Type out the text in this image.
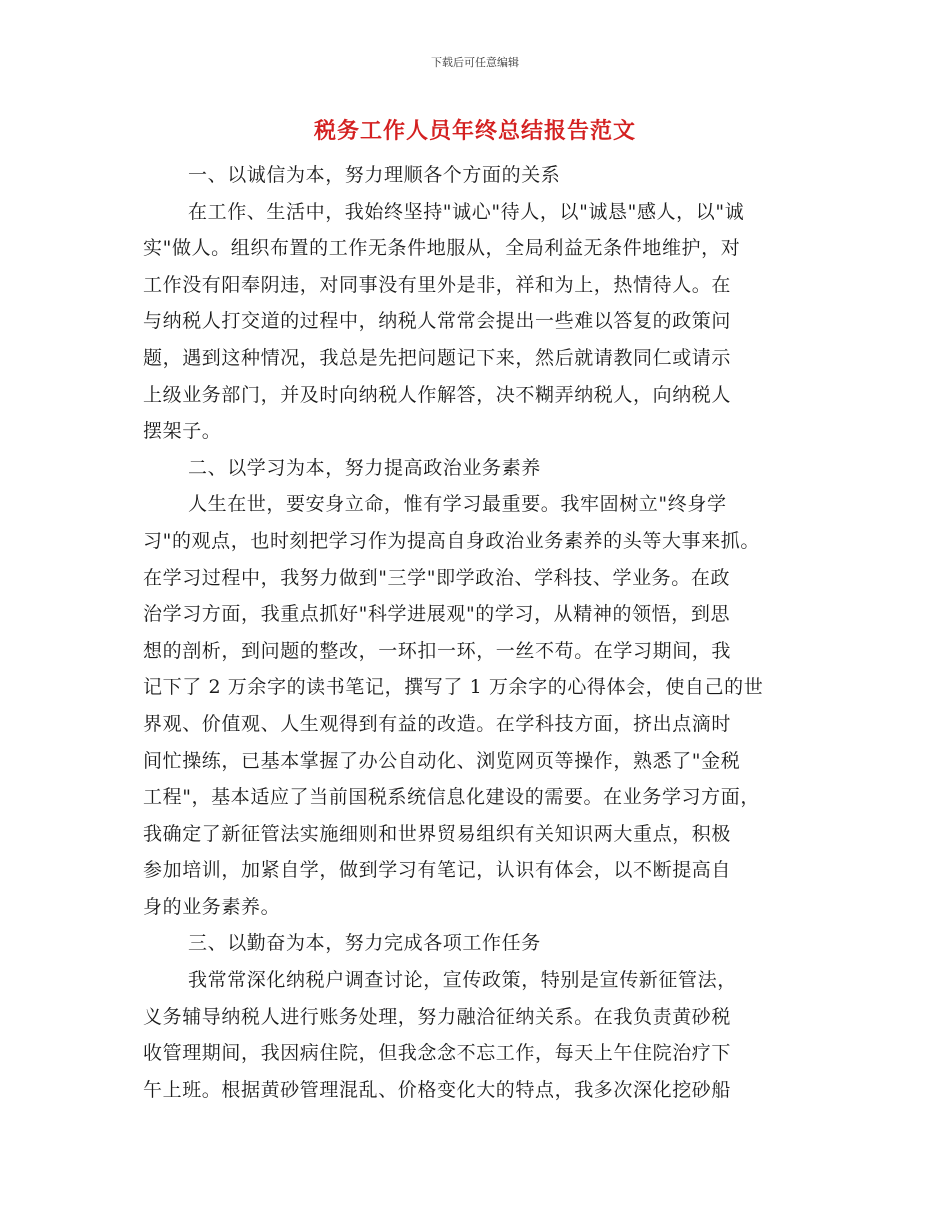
下载后可任意编辑
税务工作人员年终总结报告范文
一、以诚信为本，努力理顺各个方面的关系
在工作、生活中，我始终坚持"诚心"待人，以"诚恳"感人，以"诚
实"做人。组织布置的工作无条件地服从，全局利益无条件地维护，对
工作没有阳奉阴违，对同事没有里外是非，祥和为上，热情待人。在
与纳税人打交道的过程中，纳税人常常会提出一些难以答复的政策问
题，遇到这种情况，我总是先把问题记下来，然后就请教同仁或请示
上级业务部门，并及时向纳税人作解答，决不糊弄纳税人，向纳税人
摆架子。
二、以学习为本，努力提高政治业务素养
人生在世，要安身立命，惟有学习最重要。我牢固树立"终身学
习"的观点，也时刻把学习作为提高自身政治业务素养的头等大事来抓。
在学习过程中，我努力做到"三学"即学政治、学科技、学业务。在政
治学习方面，我重点抓好"科学进展观"的学习，从精神的领悟，到思
想的剖析，到问题的整改，一环扣一环，一丝不苟。在学习期间，我
记下了 2 万余字的读书笔记，撰写了 1 万余字的心得体会，使自己的世
界观、价值观、人生观得到有益的改造。在学科技方面，挤出点滴时
间忙操练，已基本掌握了办公自动化、浏览网页等操作，熟悉了"金税
工程"，基本适应了当前国税系统信息化建设的需要。在业务学习方面，
我确定了新征管法实施细则和世界贸易组织有关知识两大重点，积极
参加培训，加紧自学，做到学习有笔记，认识有体会，以不断提高自
身的业务素养。
三、以勤奋为本，努力完成各项工作任务
我常常深化纳税户调查讨论，宣传政策，特别是宣传新征管法，
义务辅导纳税人进行账务处理，努力融洽征纳关系。在我负责黄砂税
收管理期间，我因病住院，但我念念不忘工作，每天上午住院治疗下
午上班。根据黄砂管理混乱、价格变化大的特点，我多次深化挖砂船
